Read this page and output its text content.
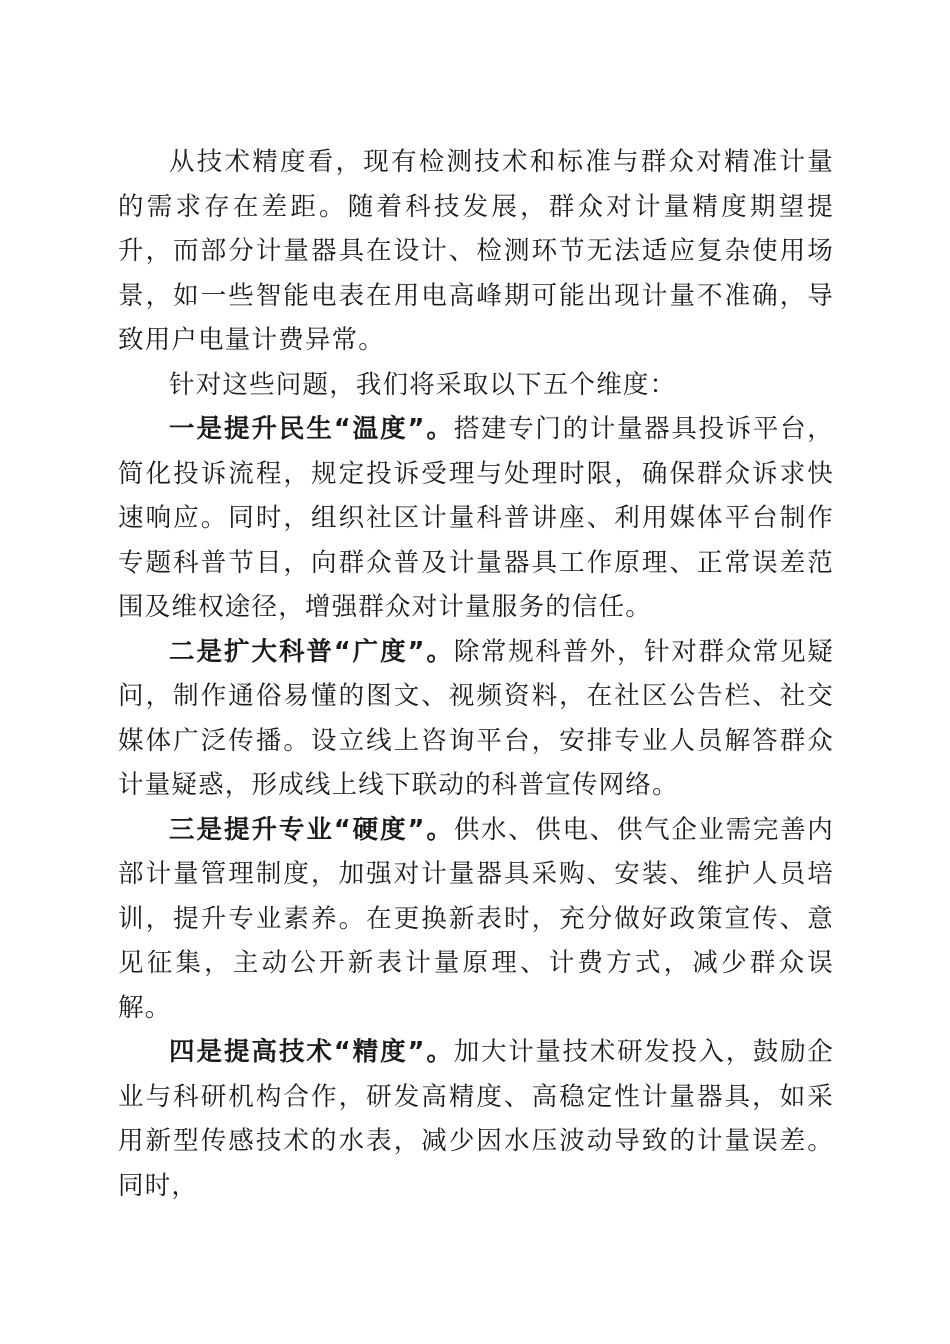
从技术精度看，现有检测技术和标准与群众对精准计量的需求存在差距。随着科技发展，群众对计量精度期望提升，而部分计量器具在设计、检测环节无法适应复杂使用场景，如一些智能电表在用电高峰期可能出现计量不准确，导致用户电量计费异常。

针对这些问题，我们将采取以下五个维度：

一是提升民生“温度”。搭建专门的计量器具投诉平台，简化投诉流程，规定投诉受理与处理时限，确保群众诉求快速响应。同时，组织社区计量科普讲座、利用媒体平台制作专题科普节目，向群众普及计量器具工作原理、正常误差范围及维权途径，增强群众对计量服务的信任。

二是扩大科普“广度”。除常规科普外，针对群众常见疑问，制作通俗易懂的图文、视频资料，在社区公告栏、社交媒体广泛传播。设立线上咨询平台，安排专业人员解答群众计量疑惑，形成线上线下联动的科普宣传网络。

三是提升专业“硬度”。供水、供电、供气企业需完善内部计量管理制度，加强对计量器具采购、安装、维护人员培训，提升专业素养。在更换新表时，充分做好政策宣传、意见征集，主动公开新表计量原理、计费方式，减少群众误解。

四是提高技术“精度”。加大计量技术研发投入，鼓励企业与科研机构合作，研发高精度、高稳定性计量器具，如采用新型传感技术的水表，减少因水压波动导致的计量误差。同时，
